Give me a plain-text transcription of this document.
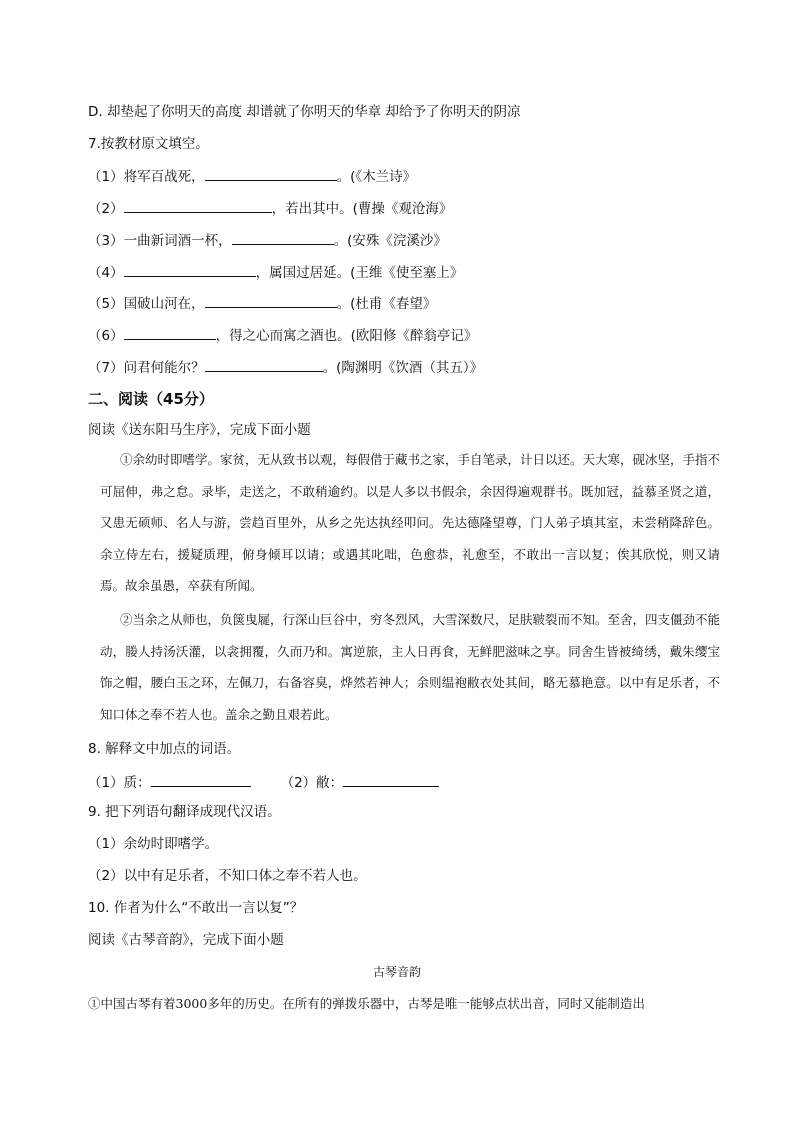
D. 却垫起了你明天的高度 却谱就了你明天的华章 却给予了你明天的阴凉
7.按教材原文填空。
（1）将军百战死，	。(《木兰诗》
（2）	，若出其中。(曹操《观沧海》
（3）一曲新词酒一杯，	。(安殊《浣溪沙》
（4）	，属国过居延。(王维《使至塞上》
（5）国破山河在，	。(杜甫《春望》
（6）	，得之心而寓之酒也。(欧阳修《醉翁亭记》
（7）问君何能尔？	。(陶渊明《饮酒（其五）》
二、阅读（45分）
阅读《送东阳马生序》，完成下面小题
①余幼时即嗜学。家贫，无从致书以观，每假借于藏书之家，手自笔录，计日以还。天大寒，砚冰坚，手指不可屈伸，弗之怠。录毕，走送之，不敢稍逾约。以是人多以书假余，余因得遍观群书。既加冠，益慕圣贤之道，又患无硕师、名人与游，尝趋百里外，从乡之先达执经叩问。先达德隆望尊，门人弟子填其室，未尝稍降辞色。余立侍左右，援疑质理，俯身倾耳以请；或遇其叱咄，色愈恭，礼愈至，不敢出一言以复；俟其欣悦，则又请焉。故余虽愚，卒获有所闻。
②当余之从师也，负箧曳屣，行深山巨谷中，穷冬烈风，大雪深数尺，足肤皲裂而不知。至舍，四支僵劲不能动，媵人持汤沃灌，以衾拥覆，久而乃和。寓逆旅，主人日再食，无鲜肥滋味之享。同舍生皆被绮绣，戴朱缨宝饰之帽，腰白玉之环，左佩刀，右备容臭，烨然若神人；余则缊袍敝衣处其间，略无慕艳意。以中有足乐者，不知口体之奉不若人也。盖余之勤且艰若此。
8. 解释文中加点的词语。
（1）质：	（2）敝：
9. 把下列语句翻译成现代汉语。
（1）余幼时即嗜学。
（2）以中有足乐者，不知口体之奉不若人也。
10. 作者为什么“不敢出一言以复”？
阅读《古琴音韵》，完成下面小题
古琴音韵
①中国古琴有着3000多年的历史。在所有的弹拨乐器中，古琴是唯一能够点状出音，同时又能制造出
